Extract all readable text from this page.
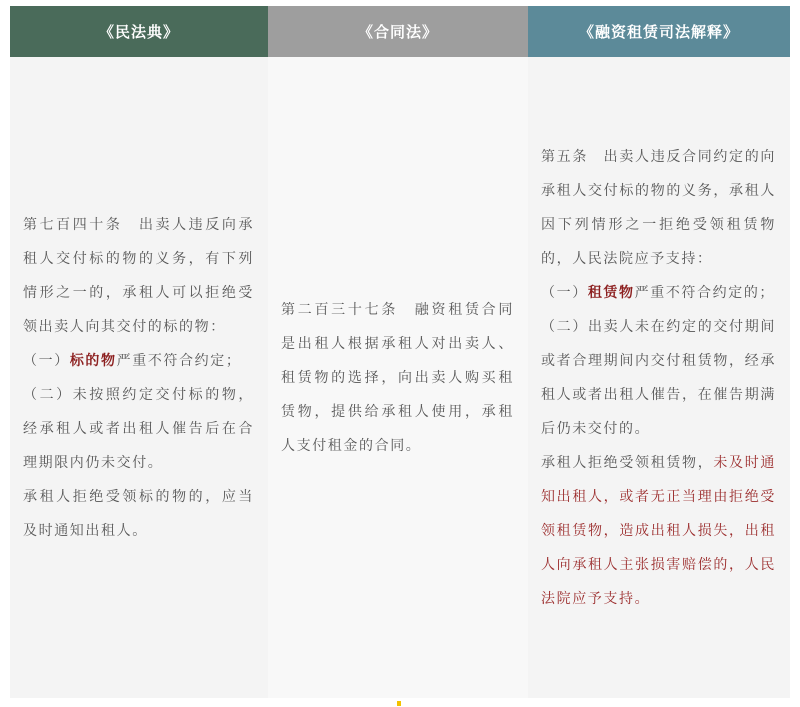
《民法典》	《合同法》	《融资租赁司法解释》

第七百四十条　出卖人违反向承租人交付标的物的义务，有下列情形之一的，承租人可以拒绝受领出卖人向其交付的标的物：

（一）标的物严重不符合约定；

（二）未按照约定交付标的物，经承租人或者出租人催告后在合理期限内仍未交付。

承租人拒绝受领标的物的，应当及时通知出租人。

第二百三十七条　融资租赁合同是出租人根据承租人对出卖人、租赁物的选择，向出卖人购买租赁物，提供给承租人使用，承租人支付租金的合同。

第五条　出卖人违反合同约定的向承租人交付标的物的义务，承租人因下列情形之一拒绝受领租赁物的，人民法院应予支持：

（一）租赁物严重不符合约定的；

（二）出卖人未在约定的交付期间或者合理期间内交付租赁物，经承租人或者出租人催告，在催告期满后仍未交付的。

承租人拒绝受领租赁物，未及时通知出租人，或者无正当理由拒绝受领租赁物，造成出租人损失，出租人向承租人主张损害赔偿的，人民法院应予支持。
